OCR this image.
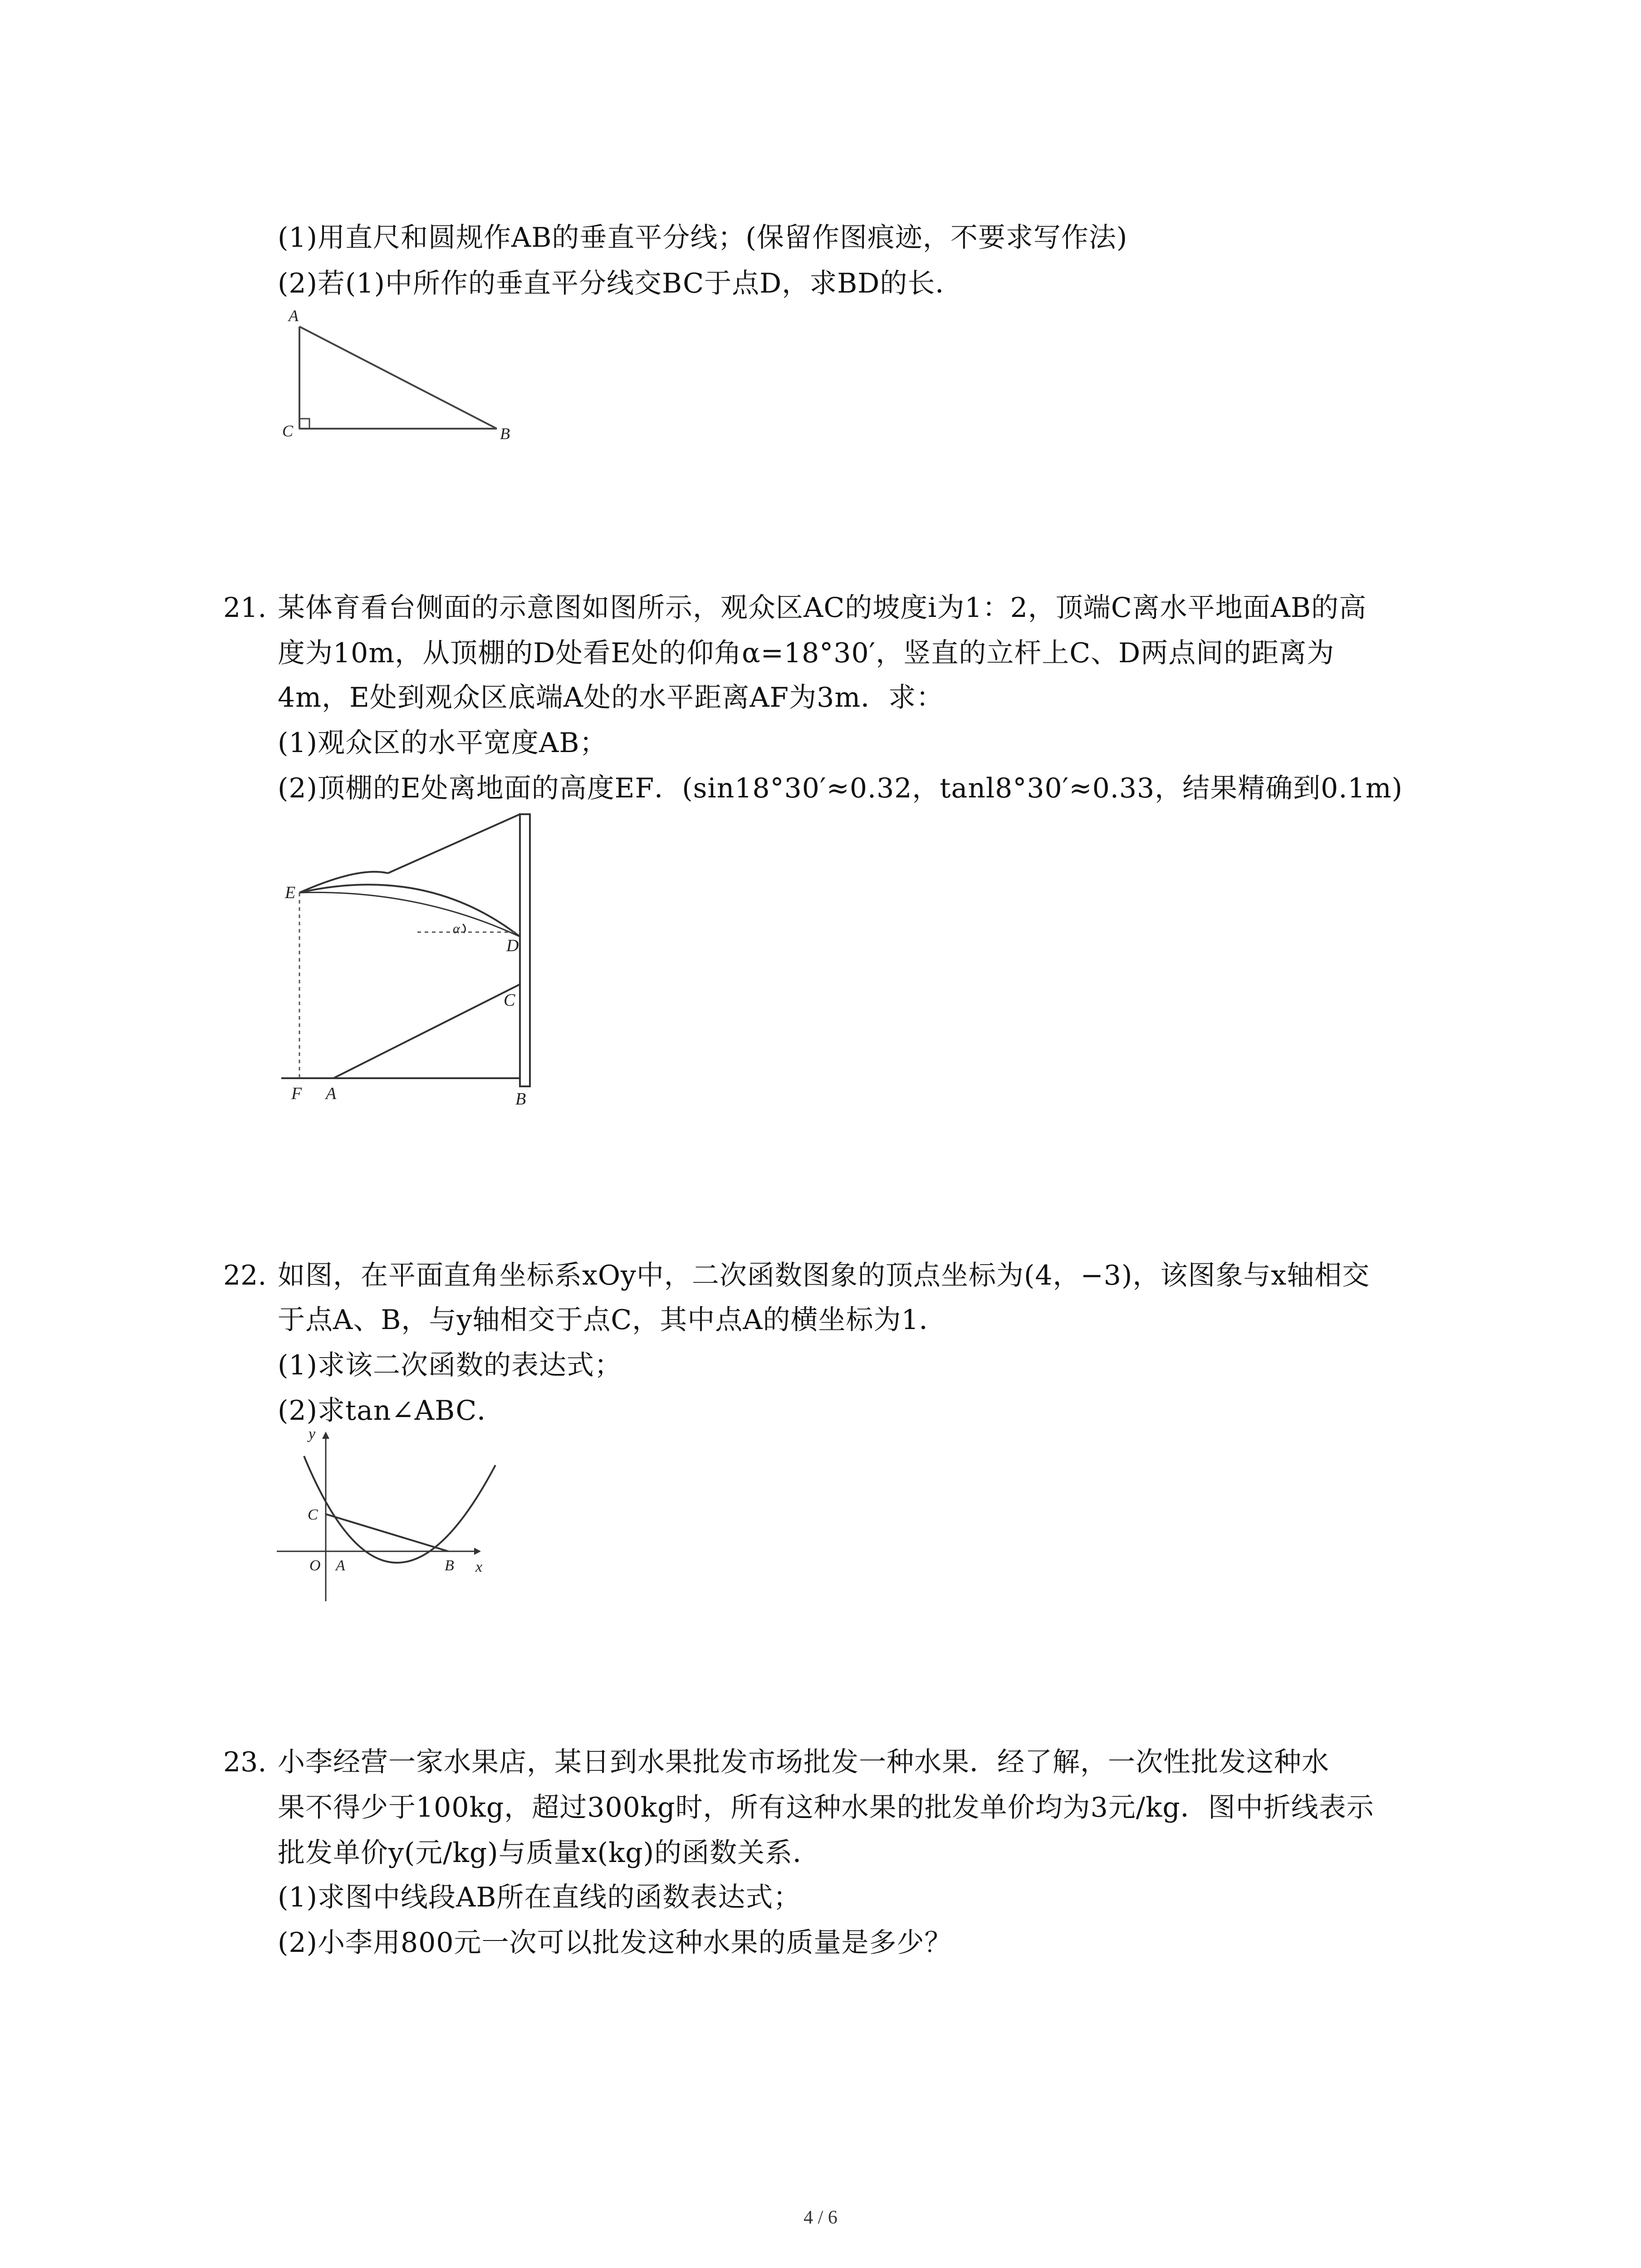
(1)用直尺和圆规作AB的垂直平分线；(保留作图痕迹，不要求写作法)
(2)若(1)中所作的垂直平分线交BC于点D，求BD的长．
A
C	B
21. 某体育看台侧面的示意图如图所示，观众区AC的坡度i为1：2，顶端C离水平地面AB的高
度为10m，从顶棚的D处看E处的仰角α=18°30′，竖直的立杆上C、D两点间的距离为
4m，E处到观众区底端A处的水平距离AF为3m．求：
(1)观众区的水平宽度AB；
(2)顶棚的E处离地面的高度EF．(sin18°30′≈0.32，tanl8°30′≈0.33，结果精确到0.1m)
E
D
C
α
F A	B
22. 如图，在平面直角坐标系xOy中，二次函数图象的顶点坐标为(4，−3)，该图象与x轴相交
于点A、B，与y轴相交于点C，其中点A的横坐标为1．
(1)求该二次函数的表达式；
(2)求tan∠ABC．
y
x
C
O A	B
23. 小李经营一家水果店，某日到水果批发市场批发一种水果．经了解，一次性批发这种水
果不得少于100kg，超过300kg时，所有这种水果的批发单价均为3元/kg．图中折线表示
批发单价y(元/kg)与质量x(kg)的函数关系．
(1)求图中线段AB所在直线的函数表达式；
(2)小李用800元一次可以批发这种水果的质量是多少？
4 / 6
